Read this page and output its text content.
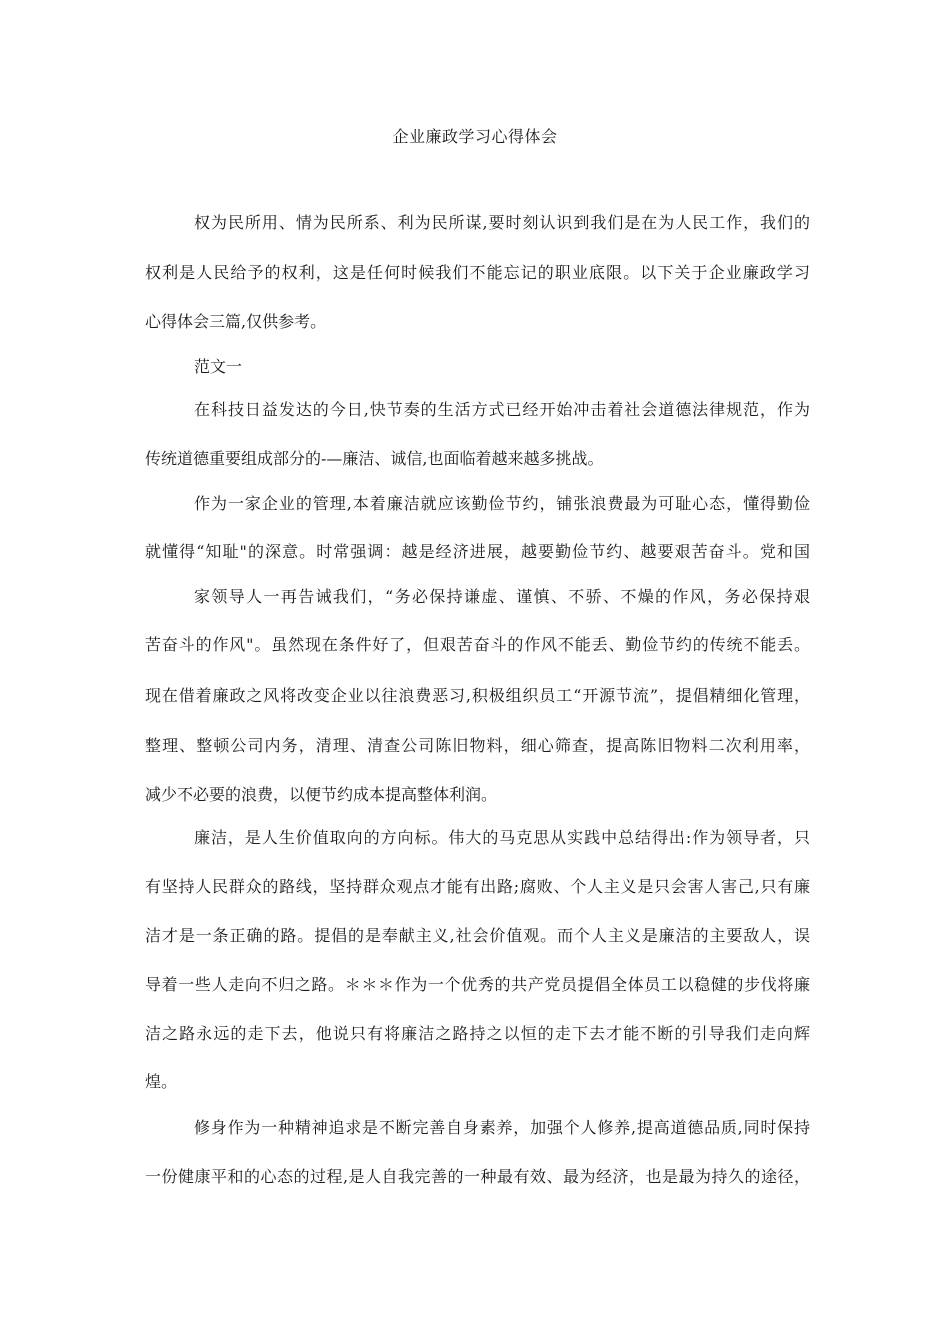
企业廉政学习心得体会
权为民所用、情为民所系、利为民所谋,要时刻认识到我们是在为人民工作，我们的
权利是人民给予的权利，这是任何时候我们不能忘记的职业底限。以下关于企业廉政学习
心得体会三篇,仅供参考。
范文一
在科技日益发达的今日,快节奏的生活方式已经开始冲击着社会道德法律规范，作为
传统道德重要组成部分的-—廉洁、诚信,也面临着越来越多挑战。
作为一家企业的管理,本着廉洁就应该勤俭节约，铺张浪费最为可耻心态，懂得勤俭
就懂得“知耻"的深意。时常强调：越是经济进展，越要勤俭节约、越要艰苦奋斗。党和国
家领导人一再告诫我们，“务必保持谦虚、谨慎、不骄、不燥的作风，务必保持艰
苦奋斗的作风"。虽然现在条件好了，但艰苦奋斗的作风不能丢、勤俭节约的传统不能丢。
现在借着廉政之风将改变企业以往浪费恶习,积极组织员工“开源节流”，提倡精细化管理，
整理、整顿公司内务，清理、清查公司陈旧物料，细心筛查，提高陈旧物料二次利用率，
减少不必要的浪费，以便节约成本提高整体利润。
廉洁，是人生价值取向的方向标。伟大的马克思从实践中总结得出:作为领导者，只
有坚持人民群众的路线，坚持群众观点才能有出路;腐败、个人主义是只会害人害己,只有廉
洁才是一条正确的路。提倡的是奉献主义,社会价值观。而个人主义是廉洁的主要敌人，误
导着一些人走向不归之路。＊＊＊作为一个优秀的共产党员提倡全体员工以稳健的步伐将廉
洁之路永远的走下去，他说只有将廉洁之路持之以恒的走下去才能不断的引导我们走向辉
煌。
修身作为一种精神追求是不断完善自身素养，加强个人修养,提高道德品质,同时保持
一份健康平和的心态的过程,是人自我完善的一种最有效、最为经济，也是最为持久的途径，
